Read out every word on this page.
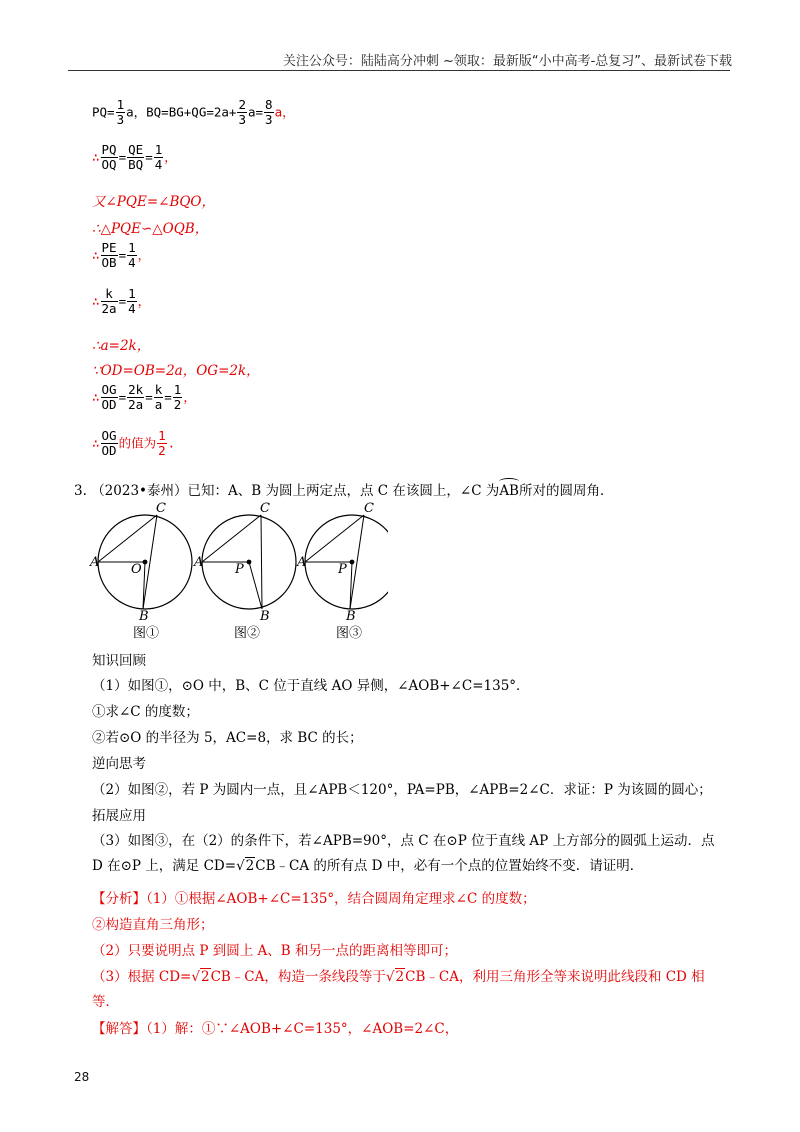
关注公众号：陆陆高分冲刺 ~领取：最新版“小中高考-总复习”、最新试卷下载
$PQ= \frac{1}{3}$ a，$BQ=BG+QG=2a+ \frac{2}{3} a= \frac{8}{3}$ a，
∴ $\frac{PQ}{OQ} = \frac{QE}{BQ} = \frac{1}{4}$ ，
又∠PQE=∠BQO，
∴△PQE∽△OQB，
∴ $\frac{PE}{OB} = \frac{1}{4}$ ，
∴ $\frac{k}{2a} = \frac{1}{4}$ ，
∴a=2k，
∵OD=OB=2a，OG=2k，
∴ $\frac{OG}{OD} = \frac{2k}{2a} = \frac{k}{a} = \frac{1}{2}$ ，
∴ $\frac{OG}{OD}$ 的值为 $\frac{1}{2}$ .
3. （2023•泰州）已知：A、B 为圆上两定点，点 C 在该圆上，∠C 为
AB所对的圆周角．
A
C
O
B
图①
A
C
P
B
图②
A
C
P
B
图③
知识回顾
（1）如图①，⊙O 中，B、C 位于直线 AO 异侧，∠AOB+∠C=135°．
①求∠C 的度数；
②若⊙O 的半径为 5，AC=8，求 BC 的长；
逆向思考
（2）如图②，若 P 为圆内一点，且∠APB＜120°，PA=PB，∠APB=2∠C．求证：P 为该圆的圆心；
拓展应用
（3）如图③，在（2）的条件下，若∠APB=90°，点 C 在⊙P 位于直线 AP 上方部分的圆弧上运动．点
D 在⊙P 上，满足 CD=√2CB﹣CA 的所有点 D 中，必有一个点的位置始终不变．请证明．
【分析】（1）①根据∠AOB+∠C=135°，结合圆周角定理求∠C 的度数；
②构造直角三角形；
（2）只要说明点 P 到圆上 A、B 和另一点的距离相等即可；
（3）根据 CD=√2CB﹣CA，构造一条线段等于√2CB﹣CA，利用三角形全等来说明此线段和 CD 相
等．
【解答】（1）解：①∵∠AOB+∠C=135°，∠AOB=2∠C，
28
